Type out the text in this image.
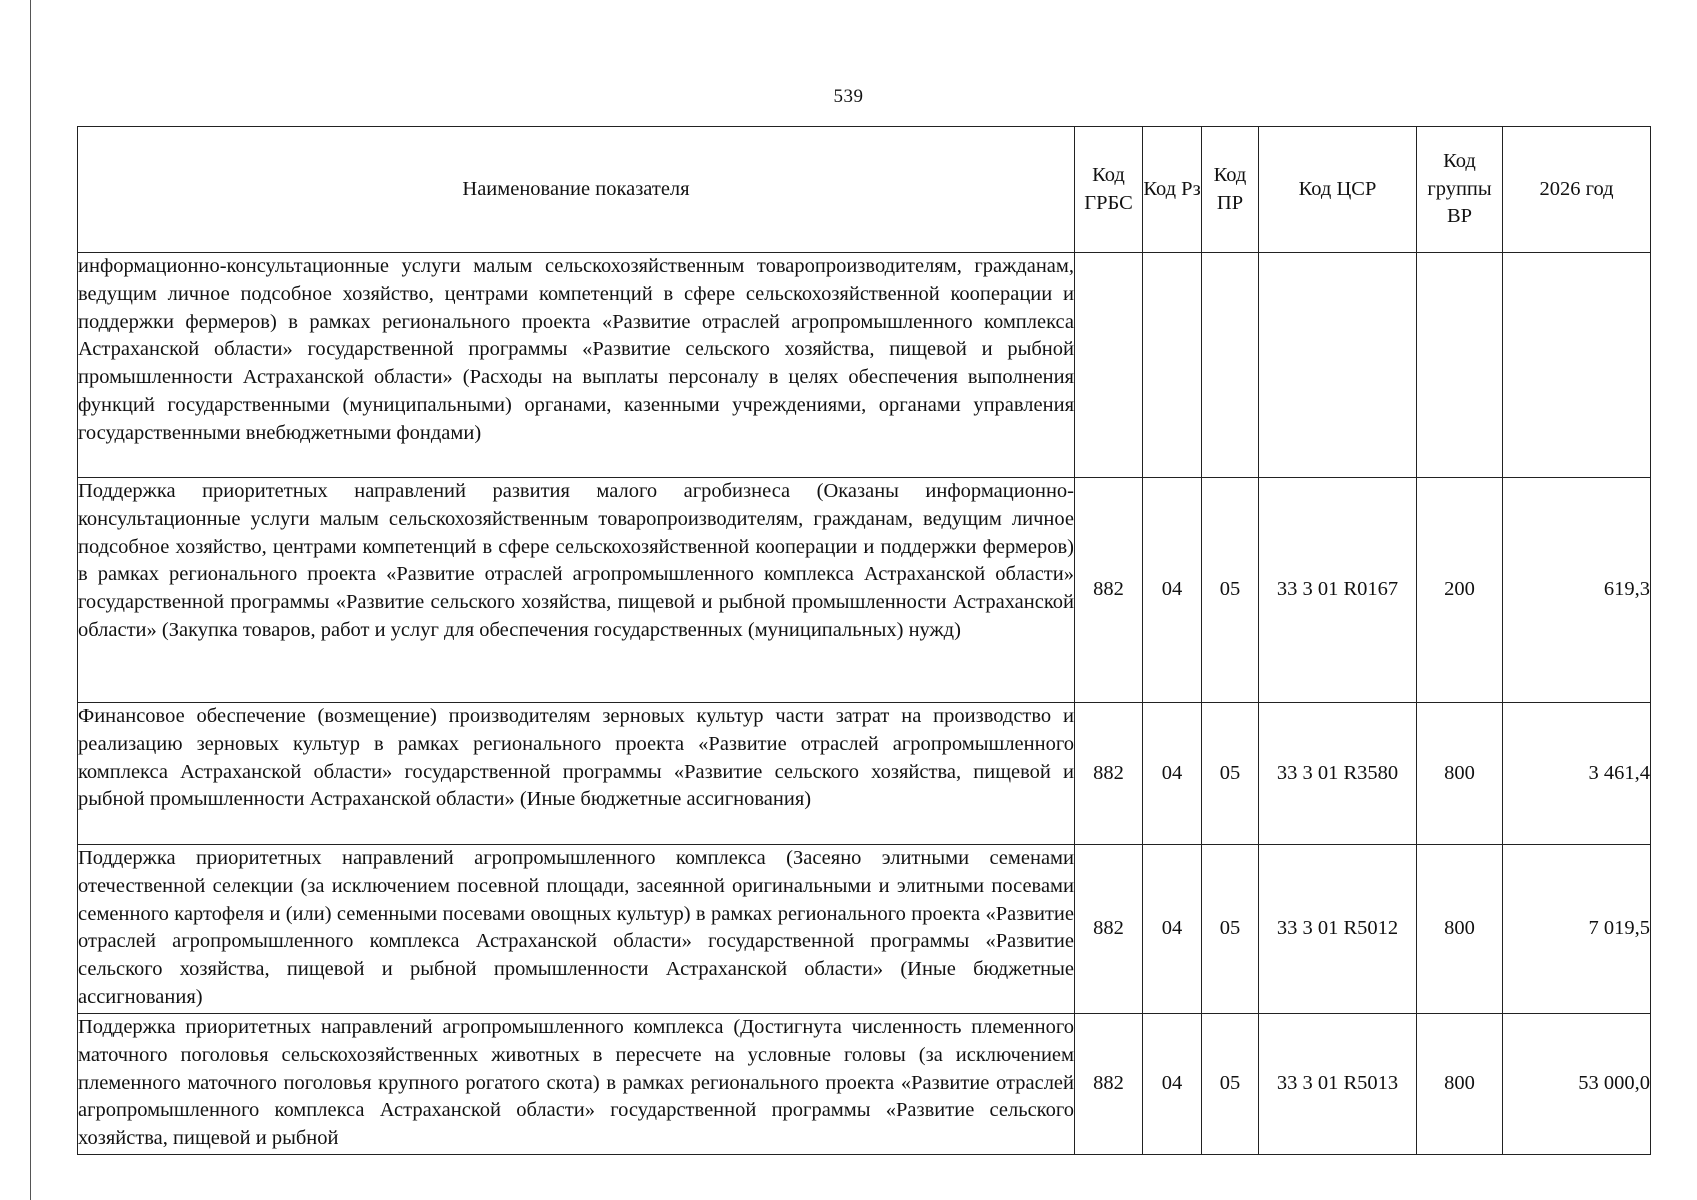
539
Наименование показателя	Код ГРБС	Код Рз	Код ПР	Код ЦСР	Код группы ВР	2026 год
информационно-консультационные услуги малым сельскохозяйственным товаропроизводителям, гражданам, ведущим личное подсобное хозяйство, центрами компетенций в сфере сельскохозяйственной кооперации и поддержки фермеров) в рамках регионального проекта «Развитие отраслей агропромышленного комплекса Астраханской области» государственной программы «Развитие сельского хозяйства, пищевой и рыбной промышленности Астраханской области» (Расходы на выплаты персоналу в целях обеспечения выполнения функций государственными (муниципальными) органами, казенными учреждениями, органами управления государственными внебюджетными фондами)						
Поддержка приоритетных направлений развития малого агробизнеса (Оказаны информационно-консультационные услуги малым сельскохозяйственным товаропроизводителям, гражданам, ведущим личное подсобное хозяйство, центрами компетенций в сфере сельскохозяйственной кооперации и поддержки фермеров) в рамках регионального проекта «Развитие отраслей агропромышленного комплекса Астраханской области» государственной программы «Развитие сельского хозяйства, пищевой и рыбной промышленности Астраханской области» (Закупка товаров, работ и услуг для обеспечения государственных (муниципальных) нужд)	882	04	05	33 3 01 R0167	200	619,3
Финансовое обеспечение (возмещение) производителям зерновых культур части затрат на производство и реализацию зерновых культур в рамках регионального проекта «Развитие отраслей агропромышленного комплекса Астраханской области» государственной программы «Развитие сельского хозяйства, пищевой и рыбной промышленности Астраханской области» (Иные бюджетные ассигнования)	882	04	05	33 3 01 R3580	800	3 461,4
Поддержка приоритетных направлений агропромышленного комплекса (Засеяно элитными семенами отечественной селекции (за исключением посевной площади, засеянной оригинальными и элитными посевами семенного картофеля и (или) семенными посевами овощных культур) в рамках регионального проекта «Развитие отраслей агропромышленного комплекса Астраханской области» государственной программы «Развитие сельского хозяйства, пищевой и рыбной промышленности Астраханской области» (Иные бюджетные ассигнования)	882	04	05	33 3 01 R5012	800	7 019,5
Поддержка приоритетных направлений агропромышленного комплекса (Достигнута численность племенного маточного поголовья сельскохозяйственных животных в пересчете на условные головы (за исключением племенного маточного поголовья крупного рогатого скота) в рамках регионального проекта «Развитие отраслей агропромышленного комплекса Астраханской области» государственной программы «Развитие сельского хозяйства, пищевой и рыбной	882	04	05	33 3 01 R5013	800	53 000,0
